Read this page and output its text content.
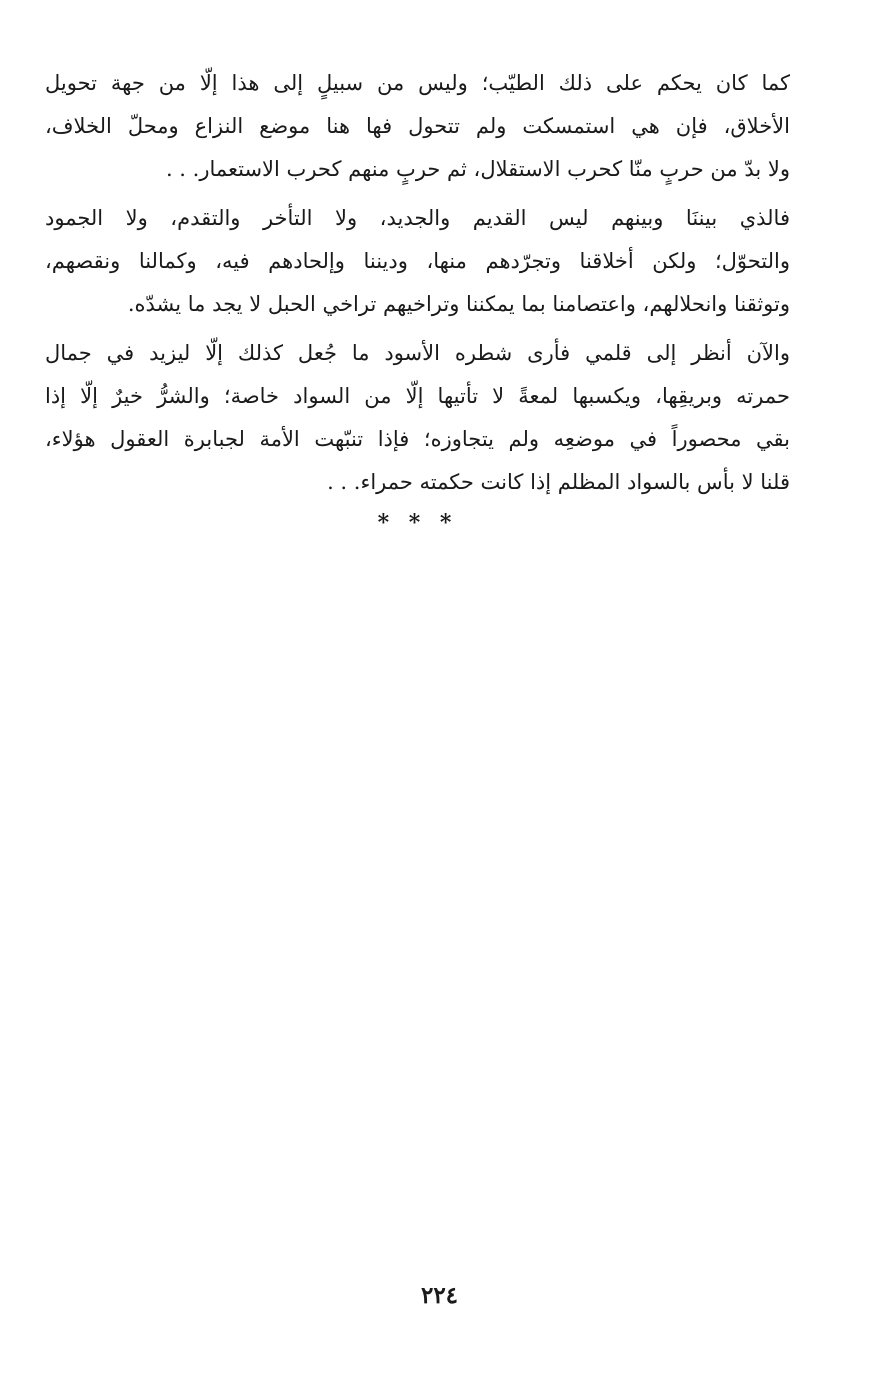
كما كان يحكم على ذلك الطيّب؛ وليس من سبيلٍ إلى هذا إلّا من جهة تحويل
الأخلاق، فإن هي استمسكت ولم تتحول فها هنا موضع النزاع ومحلّ الخلاف،
ولا بدّ من حربٍ منّا كحرب الاستقلال، ثم حربٍ منهم كحرب الاستعمار. . .

فالذي بيننَا وبينهم ليس القديم والجديد، ولا التأخر والتقدم، ولا الجمود
والتحوّل؛ ولكن أخلاقنا وتجرّدهم منها، وديننا وإلحادهم فيه، وكمالنا ونقصهم،
وتوثقنا وانحلالهم، واعتصامنا بما يمكننا وتراخيهم تراخي الحبل لا يجد ما يشدّه.

والآن أنظر إلى قلمي فأرى شطره الأسود ما جُعل كذلك إلّا ليزيد في جمال
حمرته وبريقِها، ويكسبها لمعةً لا تأتيها إلّا من السواد خاصة؛ والشرُّ خيرٌ إلّا إذا
بقي محصوراً في موضعِه ولم يتجاوزه؛ فإذا تنبّهت الأمة لجبابرة العقول هؤلاء،
قلنا لا بأس بالسواد المظلم إذا كانت حكمته حمراء. . .

* * *
٢٢٤
